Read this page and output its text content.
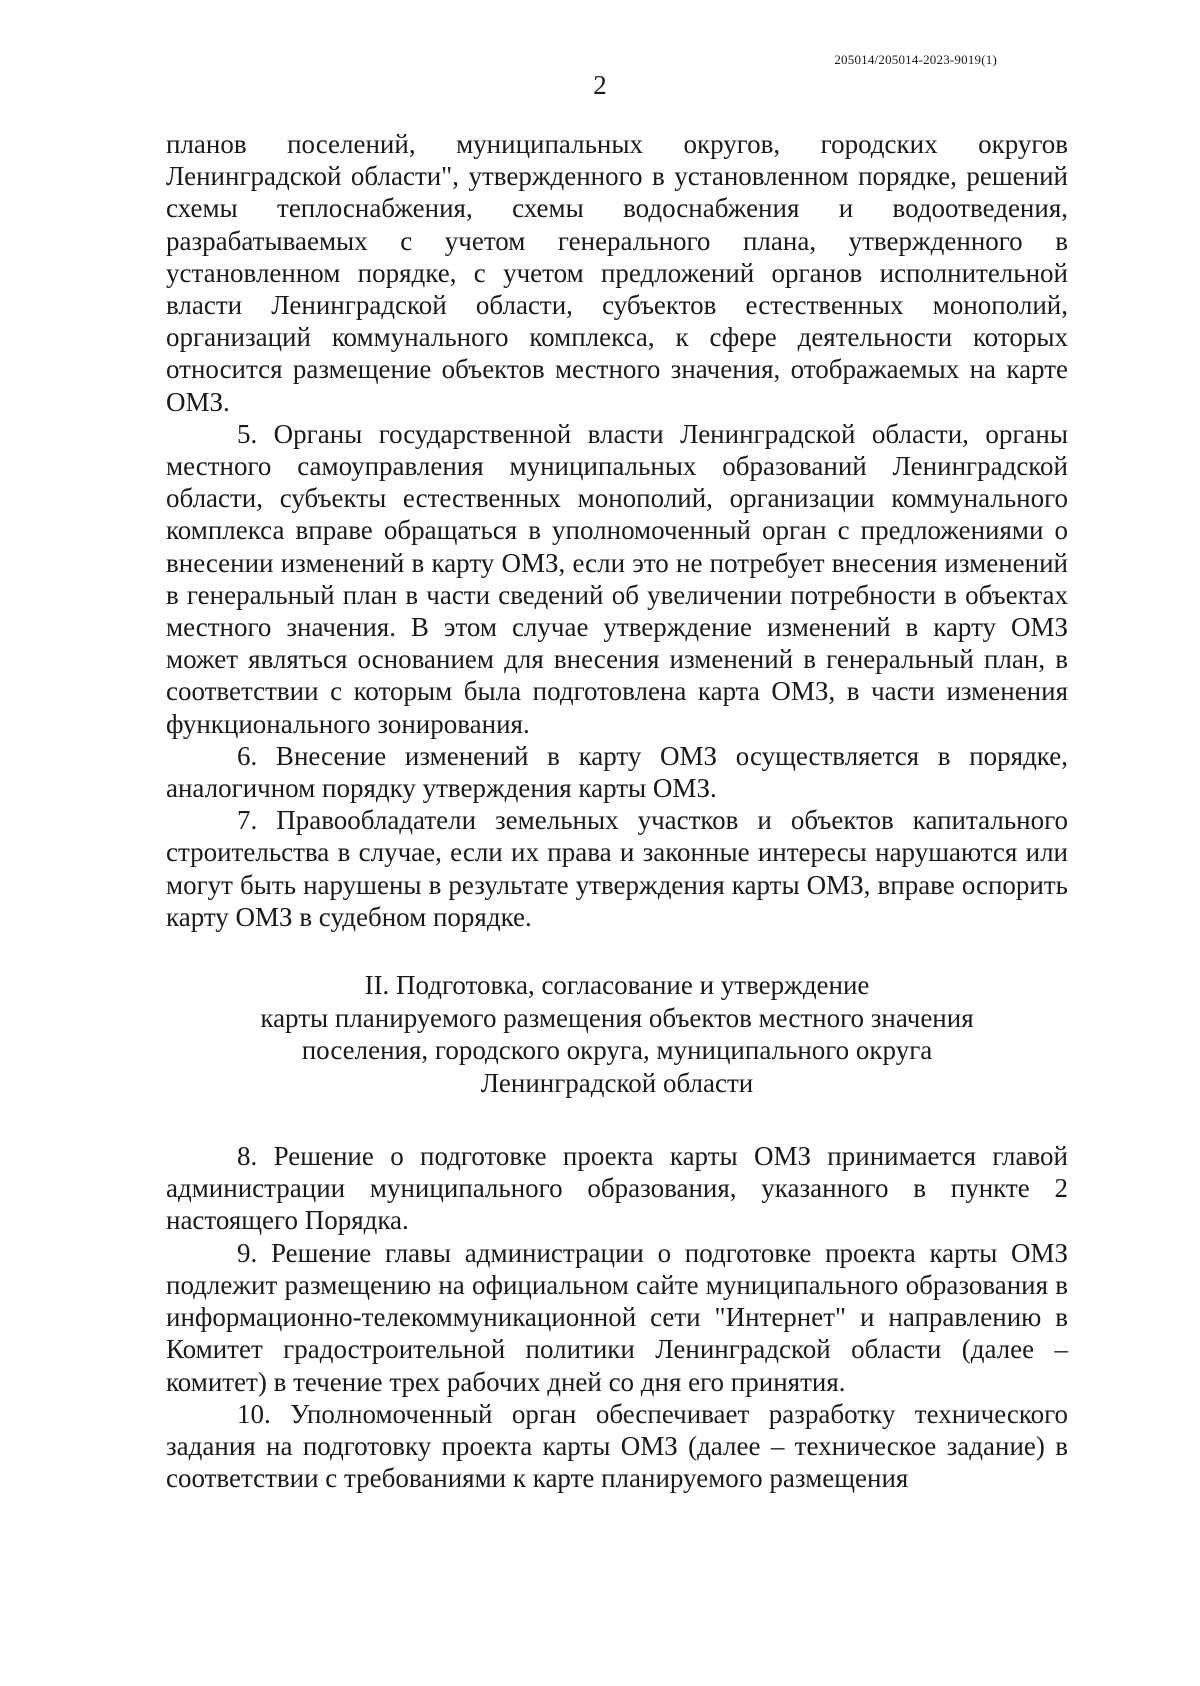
205014/205014-2023-9019(1)
2

планов поселений, муниципальных округов, городских округов Ленинградской области", утвержденного в установленном порядке, решений схемы теплоснабжения, схемы водоснабжения и водоотведения, разрабатываемых с учетом генерального плана, утвержденного в установленном порядке, с учетом предложений органов исполнительной власти Ленинградской области, субъектов естественных монополий, организаций коммунального комплекса, к сфере деятельности которых относится размещение объектов местного значения, отображаемых на карте ОМЗ.

5. Органы государственной власти Ленинградской области, органы местного самоуправления муниципальных образований Ленинградской области, субъекты естественных монополий, организации коммунального комплекса вправе обращаться в уполномоченный орган с предложениями о внесении изменений в карту ОМЗ, если это не потребует внесения изменений в генеральный план в части сведений об увеличении потребности в объектах местного значения. В этом случае утверждение изменений в карту ОМЗ может являться основанием для внесения изменений в генеральный план, в соответствии с которым была подготовлена карта ОМЗ, в части изменения функционального зонирования.

6. Внесение изменений в карту ОМЗ осуществляется в порядке, аналогичном порядку утверждения карты ОМЗ.

7. Правообладатели земельных участков и объектов капитального строительства в случае, если их права и законные интересы нарушаются или могут быть нарушены в результате утверждения карты ОМЗ, вправе оспорить карту ОМЗ в судебном порядке.

II. Подготовка, согласование и утверждение
карты планируемого размещения объектов местного значения
поселения, городского округа, муниципального округа
Ленинградской области

8. Решение о подготовке проекта карты ОМЗ принимается главой администрации муниципального образования, указанного в пункте 2 настоящего Порядка.

9. Решение главы администрации о подготовке проекта карты ОМЗ подлежит размещению на официальном сайте муниципального образования в информационно-телекоммуникационной сети "Интернет" и направлению в Комитет градостроительной политики Ленинградской области (далее – комитет) в течение трех рабочих дней со дня его принятия.

10. Уполномоченный орган обеспечивает разработку технического задания на подготовку проекта карты ОМЗ (далее – техническое задание) в соответствии с требованиями к карте планируемого размещения
